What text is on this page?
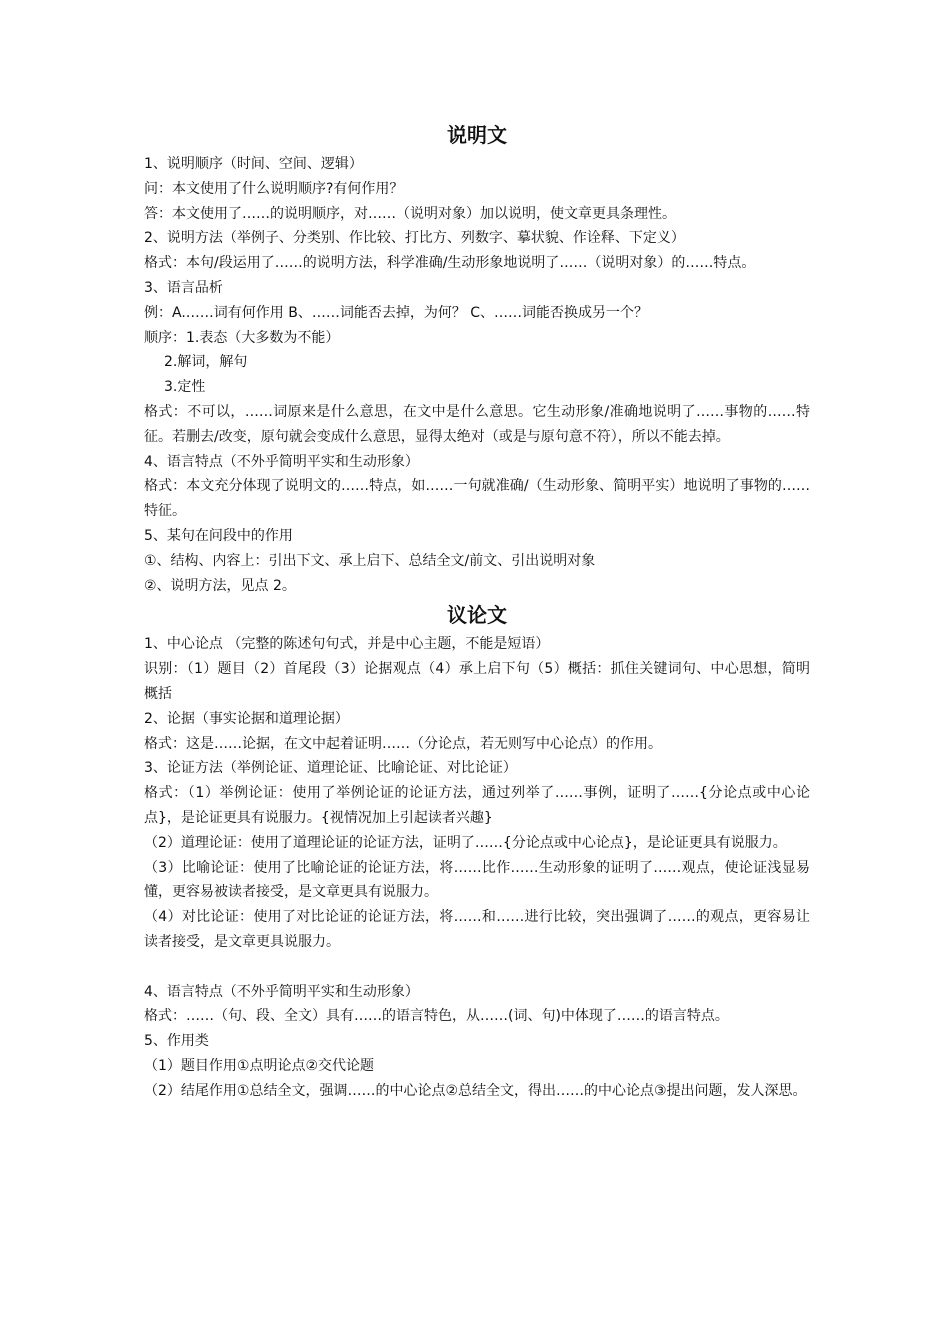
说明文

1、说明顺序（时间、空间、逻辑）

问：本文使用了什么说明顺序?有何作用？

答：本文使用了……的说明顺序，对……（说明对象）加以说明，使文章更具条理性。

2、说明方法（举例子、分类别、作比较、打比方、列数字、摹状貌、作诠释、下定义）

格式：本句/段运用了……的说明方法，科学准确/生动形象地说明了……（说明对象）的……特点。

3、语言品析

例：A.……词有何作用 B、……词能否去掉，为何？ C、……词能否换成另一个？

顺序：1.表态（大多数为不能）

2.解词，解句

3.定性

格式：不可以，……词原来是什么意思，在文中是什么意思。它生动形象/准确地说明了……事物的……特征。若删去/改变，原句就会变成什么意思，显得太绝对（或是与原句意不符），所以不能去掉。

4、语言特点（不外乎简明平实和生动形象）

格式：本文充分体现了说明文的……特点，如……一句就准确/（生动形象、简明平实）地说明了事物的……特征。

5、某句在问段中的作用

①、结构、内容上：引出下文、承上启下、总结全文/前文、引出说明对象

②、说明方法，见点 2。

议论文

1、中心论点 （完整的陈述句句式，并是中心主题，不能是短语）

识别：（1）题目（2）首尾段（3）论据观点（4）承上启下句（5）概括：抓住关键词句、中心思想，简明概括

2、论据（事实论据和道理论据）

格式：这是……论据，在文中起着证明……（分论点，若无则写中心论点）的作用。

3、论证方法（举例论证、道理论证、比喻论证、对比论证）

格式：（1）举例论证：使用了举例论证的论证方法，通过列举了……事例，证明了……{分论点或中心论点}，是论证更具有说服力。{视情况加上引起读者兴趣}

（2）道理论证：使用了道理论证的论证方法，证明了……{分论点或中心论点}，是论证更具有说服力。

（3）比喻论证：使用了比喻论证的论证方法，将……比作……生动形象的证明了……观点，使论证浅显易懂，更容易被读者接受，是文章更具有说服力。

（4）对比论证：使用了对比论证的论证方法，将……和……进行比较，突出强调了……的观点，更容易让读者接受，是文章更具说服力。

4、语言特点（不外乎简明平实和生动形象）

格式：……（句、段、全文）具有……的语言特色，从……(词、句)中体现了……的语言特点。

5、作用类

（1）题目作用①点明论点②交代论题

（2）结尾作用①总结全文，强调……的中心论点②总结全文，得出……的中心论点③提出问题，发人深思。
